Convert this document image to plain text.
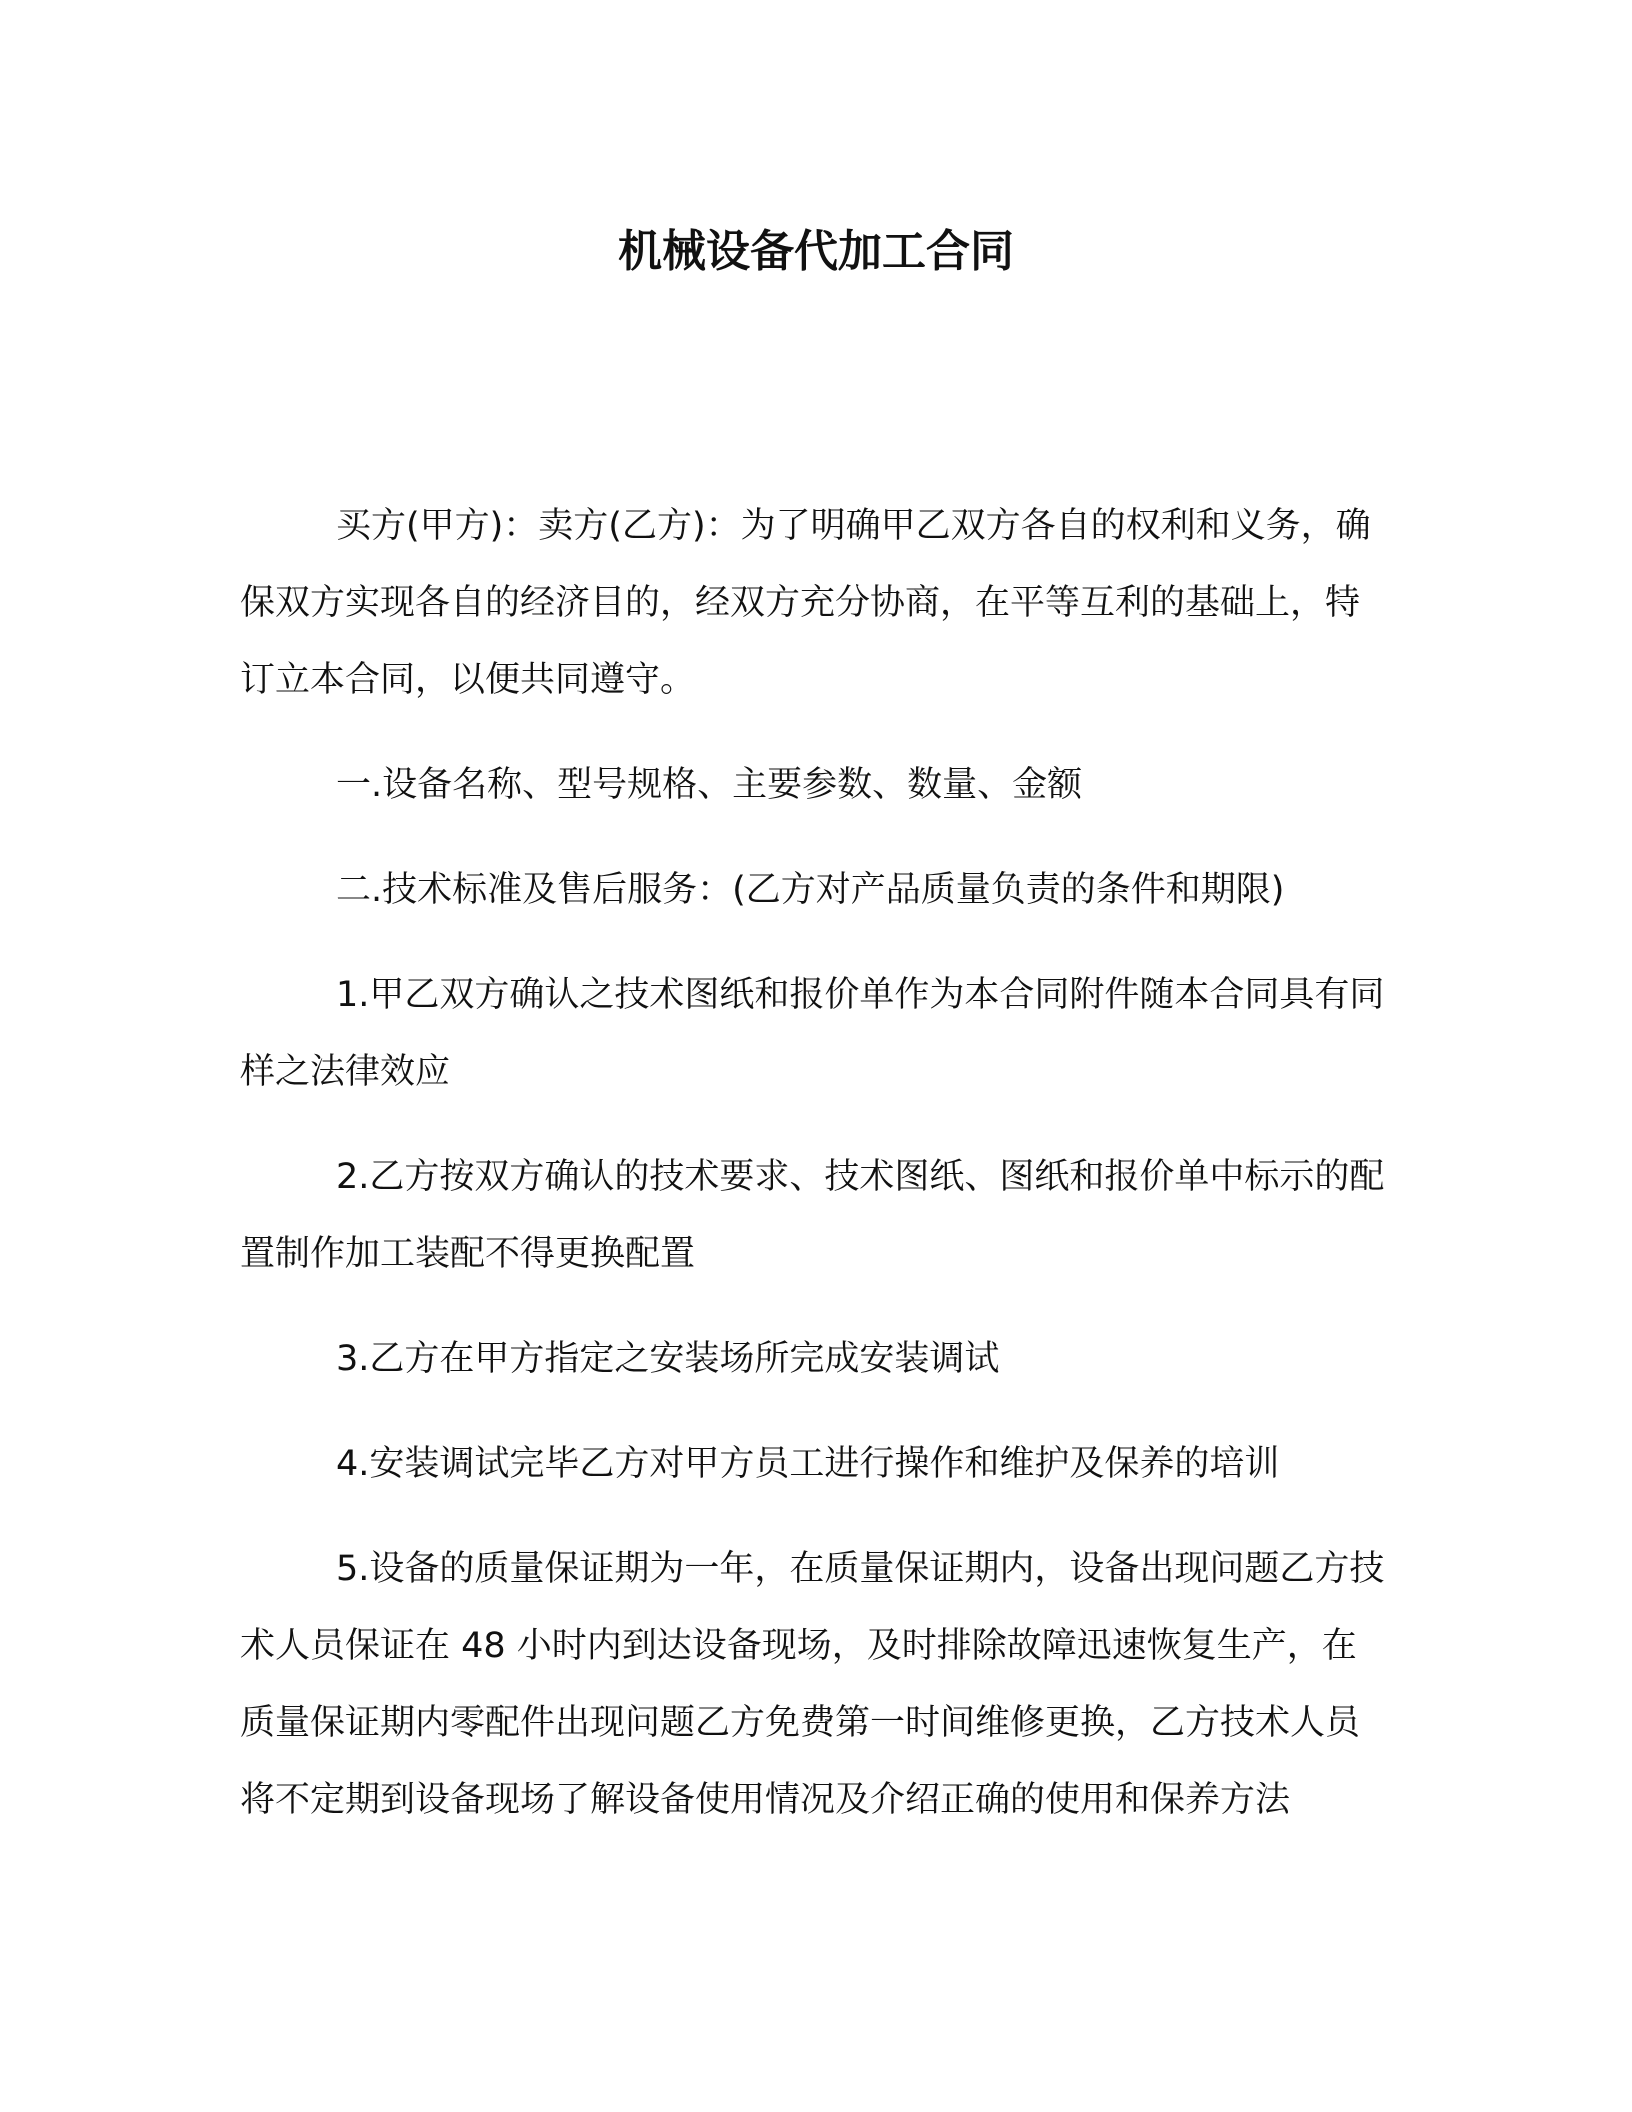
机械设备代加工合同

买方(甲方)：卖方(乙方)：为了明确甲乙双方各自的权利和义务，确保双方实现各自的经济目的，经双方充分协商，在平等互利的基础上，特订立本合同，以便共同遵守。

一.设备名称、型号规格、主要参数、数量、金额

二.技术标准及售后服务：(乙方对产品质量负责的条件和期限)

1.甲乙双方确认之技术图纸和报价单作为本合同附件随本合同具有同样之法律效应

2.乙方按双方确认的技术要求、技术图纸、图纸和报价单中标示的配置制作加工装配不得更换配置

3.乙方在甲方指定之安装场所完成安装调试

4.安装调试完毕乙方对甲方员工进行操作和维护及保养的培训

5.设备的质量保证期为一年，在质量保证期内，设备出现问题乙方技术人员保证在 48 小时内到达设备现场，及时排除故障迅速恢复生产，在质量保证期内零配件出现问题乙方免费第一时间维修更换，乙方技术人员将不定期到设备现场了解设备使用情况及介绍正确的使用和保养方法
